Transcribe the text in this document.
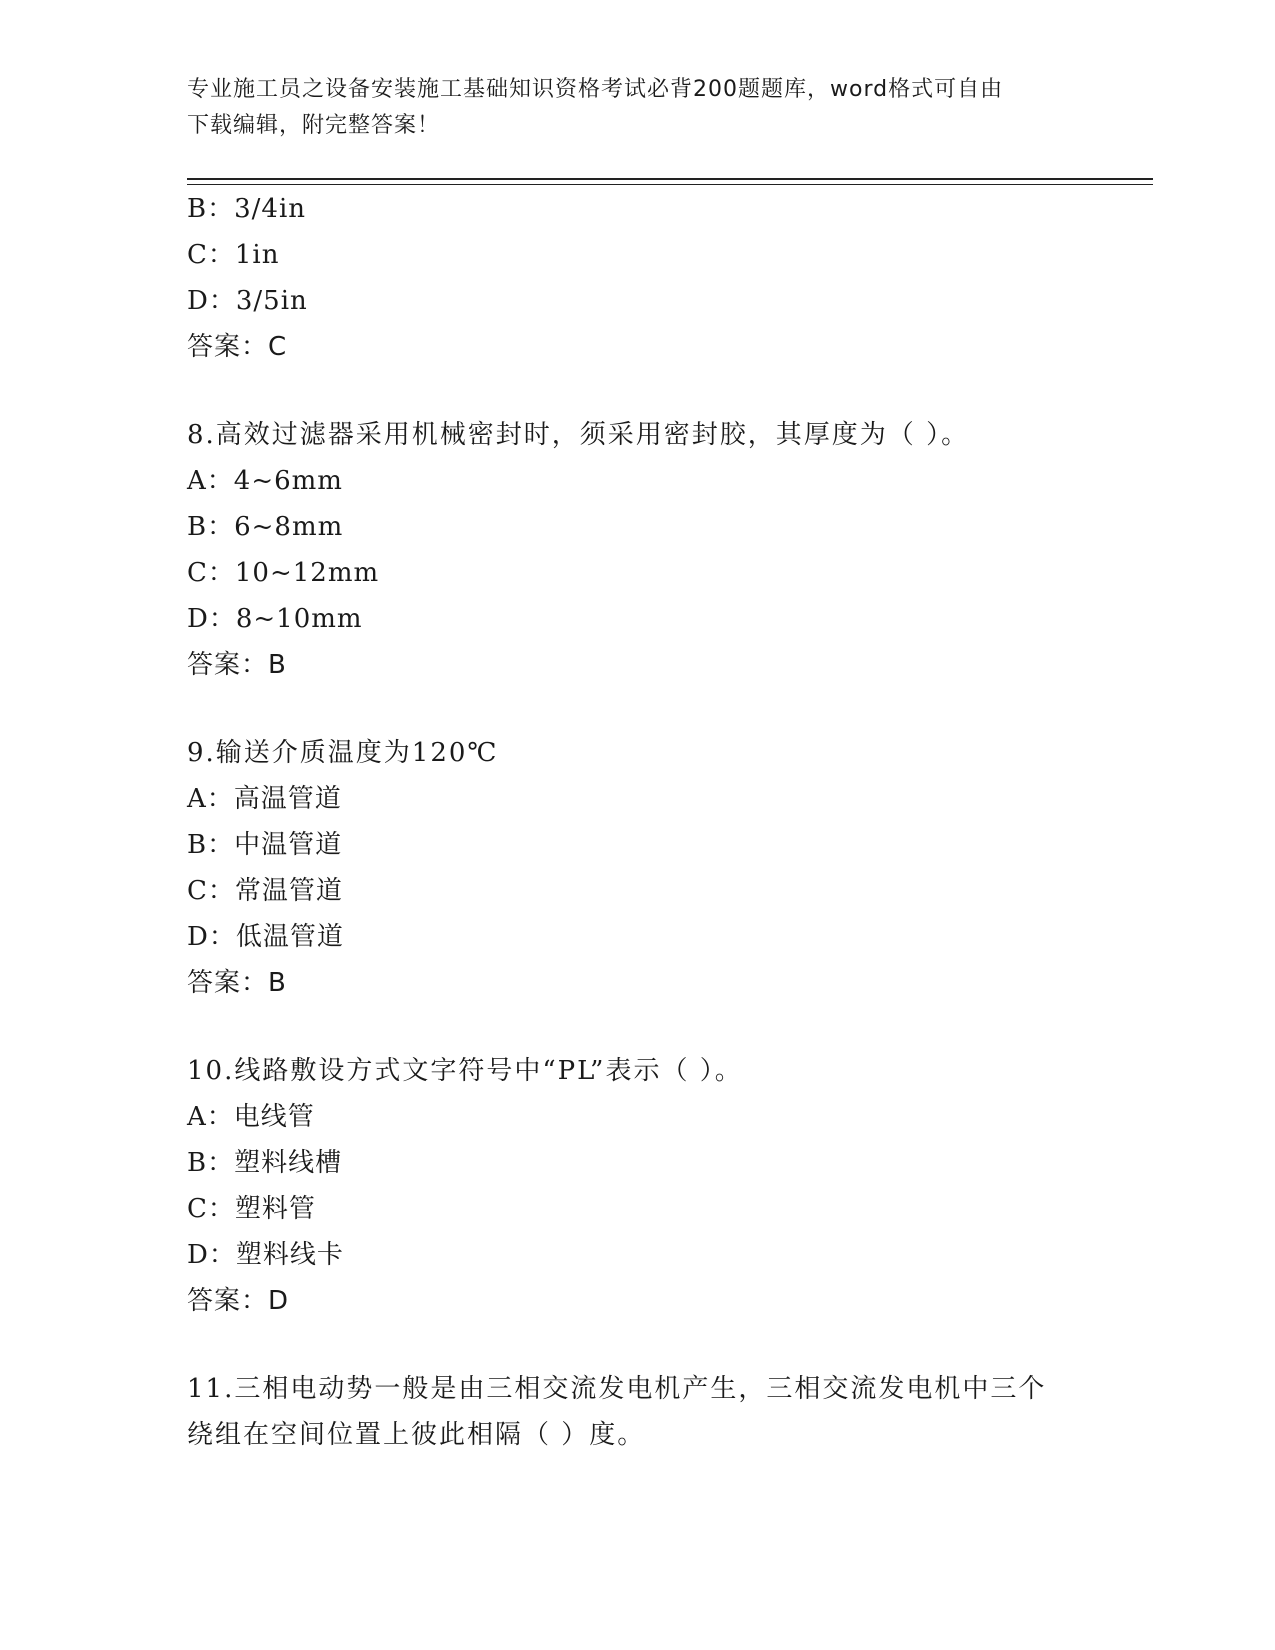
专业施工员之设备安装施工基础知识资格考试必背200题题库，word格式可自由
下载编辑，附完整答案！
B：3/4in
C：1in
D：3/5in
答案：C
8.高效过滤器采用机械密封时，须采用密封胶，其厚度为（ ）。
A：4~6mm
B：6~8mm
C：10~12mm
D：8~10mm
答案：B
9.输送介质温度为120℃
A：高温管道
B：中温管道
C：常温管道
D：低温管道
答案：B
10.线路敷设方式文字符号中“PL”表示（ ）。
A：电线管
B：塑料线槽
C：塑料管
D：塑料线卡
答案：D
11.三相电动势一般是由三相交流发电机产生，三相交流发电机中三个
绕组在空间位置上彼此相隔（ ）度。
